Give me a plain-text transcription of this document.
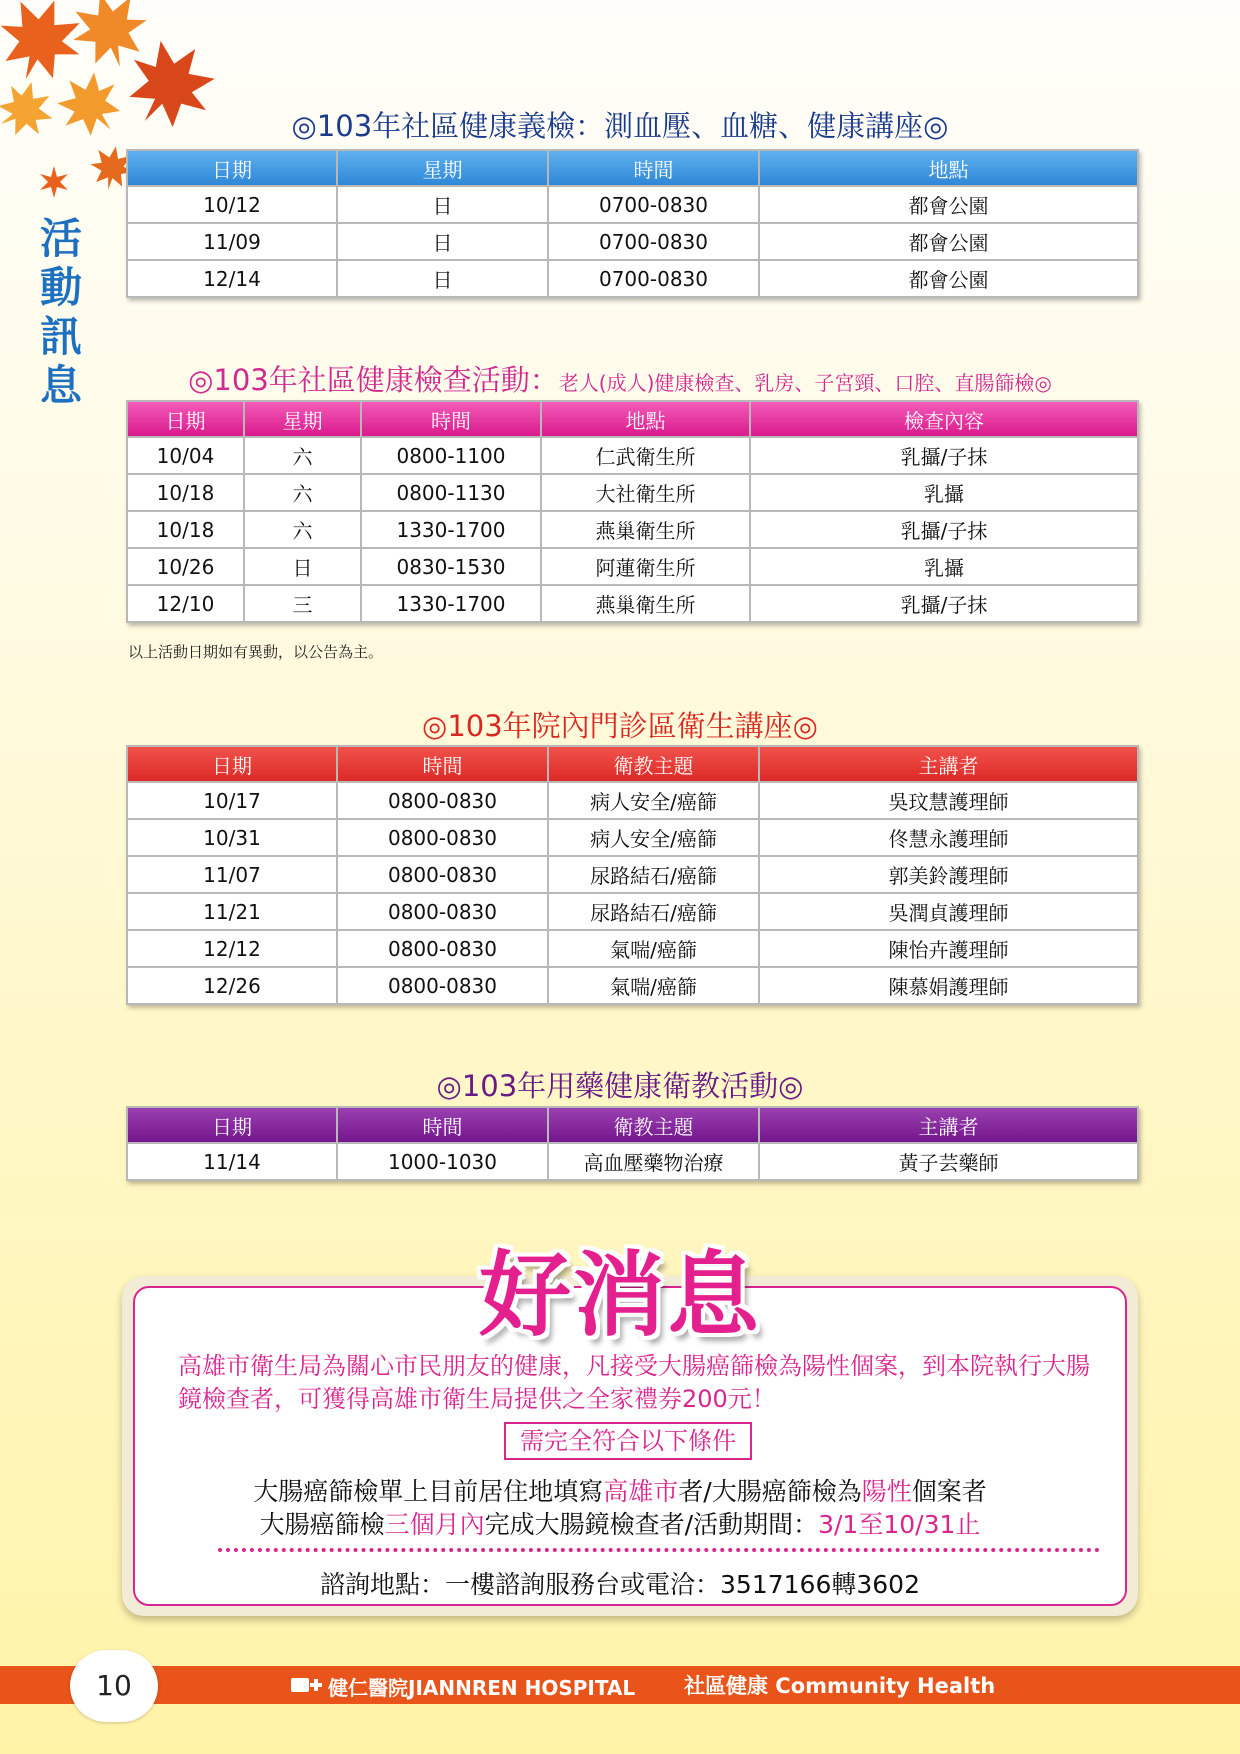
活
動
訊
息
◎103年社區健康義檢：測血壓、血糖、健康講座◎
日期	星期	時間	地點
10/12	日	0700-0830	都會公園
11/09	日	0700-0830	都會公園
12/14	日	0700-0830	都會公園
◎103年社區健康檢查活動：老人(成人)健康檢查、乳房、子宮頸、口腔、直腸篩檢◎
日期	星期	時間	地點	檢查內容
10/04	六	0800-1100	仁武衛生所	乳攝/子抹
10/18	六	0800-1130	大社衛生所	乳攝
10/18	六	1330-1700	燕巢衛生所	乳攝/子抹
10/26	日	0830-1530	阿蓮衛生所	乳攝
12/10	三	1330-1700	燕巢衛生所	乳攝/子抹
以上活動日期如有異動，以公告為主。
◎103年院內門診區衛生講座◎
日期	時間	衛教主題	主講者
10/17	0800-0830	病人安全/癌篩	吳玟慧護理師
10/31	0800-0830	病人安全/癌篩	佟慧永護理師
11/07	0800-0830	尿路結石/癌篩	郭美鈴護理師
11/21	0800-0830	尿路結石/癌篩	吳潤貞護理師
12/12	0800-0830	氣喘/癌篩	陳怡卉護理師
12/26	0800-0830	氣喘/癌篩	陳慕娟護理師
◎103年用藥健康衛教活動◎
日期	時間	衛教主題	主講者
11/14	1000-1030	高血壓藥物治療	黃子芸藥師
好消息
高雄市衛生局為關心市民朋友的健康，凡接受大腸癌篩檢為陽性個案，到本院執行大腸鏡檢查者，可獲得高雄市衛生局提供之全家禮券200元！
需完全符合以下條件
大腸癌篩檢單上目前居住地填寫高雄市者/大腸癌篩檢為陽性個案者
大腸癌篩檢三個月內完成大腸鏡檢查者/活動期間：3/1至10/31止
諮詢地點：一樓諮詢服務台或電洽：3517166轉3602
10	健仁醫院JIANNREN HOSPITAL 社區健康 Community Health
